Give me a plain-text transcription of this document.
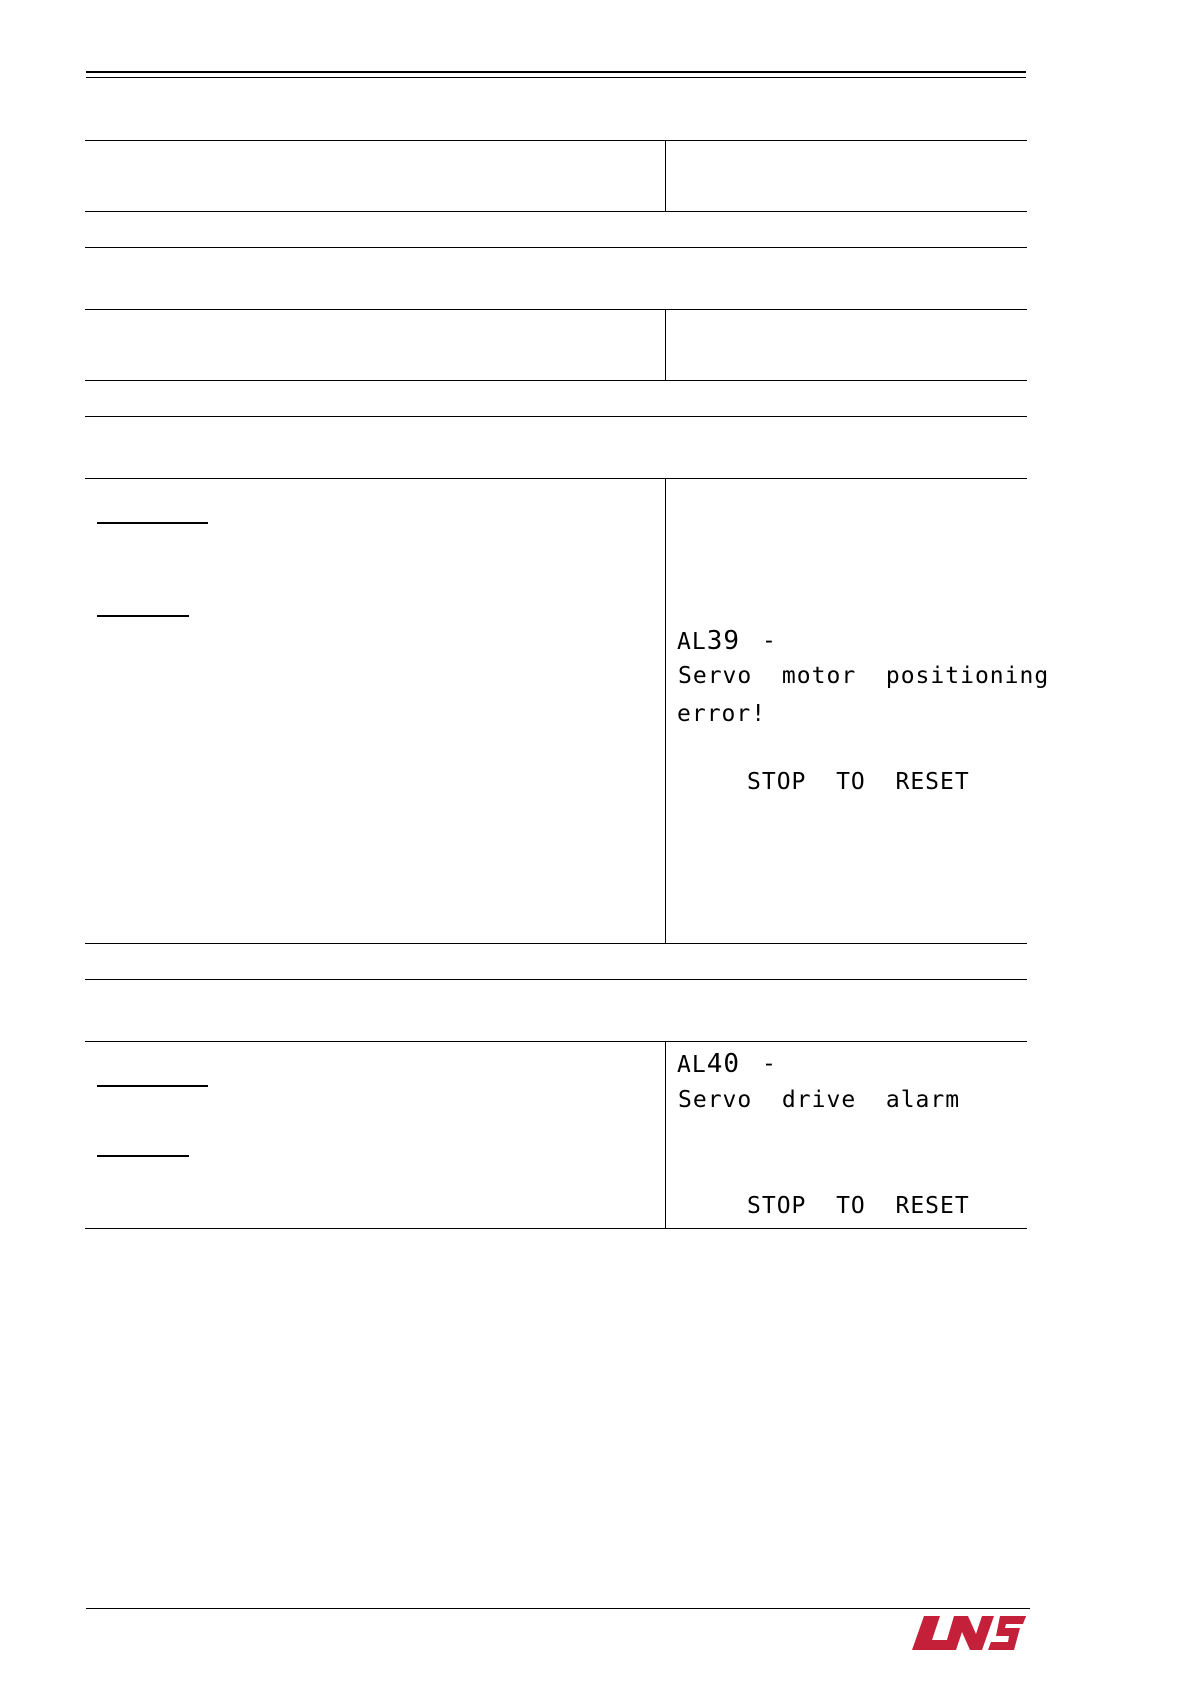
AL39 -
Servo  motor  positioning
error!
STOP  TO  RESET
AL40 -
Servo  drive  alarm
STOP  TO  RESET
™
